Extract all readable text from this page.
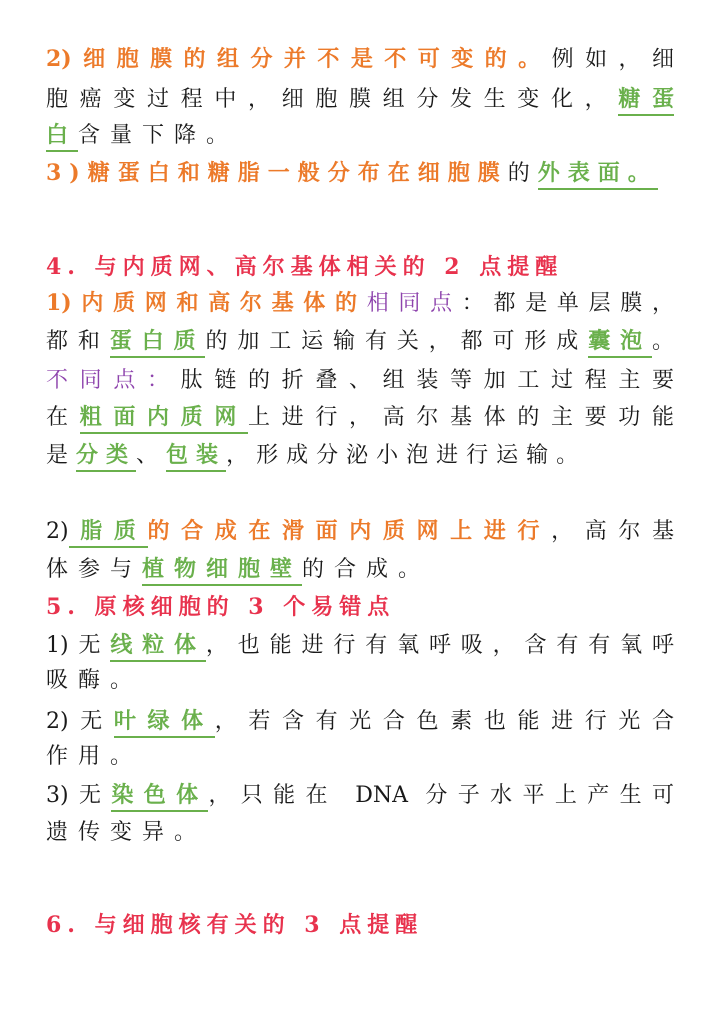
2)细胞膜的组分并不是不可变的。例如，细
胞癌变过程中，细胞膜组分发生变化，糖蛋
白含量下降。
3)糖蛋白和糖脂一般分布在细胞膜的外表面。
4. 与内质网、高尔基体相关的 2 点提醒
1)内质网和高尔基体的相同点：都是单层膜，
都和蛋白质的加工运输有关，都可形成囊泡。
不同点：肽链的折叠、组装等加工过程主要
在粗面内质网上进行，高尔基体的主要功能
是分类、包装，形成分泌小泡进行运输。
2)脂质的合成在滑面内质网上进行，高尔基
体参与植物细胞壁的合成。
5. 原核细胞的 3 个易错点
1)无线粒体，也能进行有氧呼吸，含有有氧呼
吸酶。
2)无叶绿体，若含有光合色素也能进行光合
作用。
3)无染色体，只能在 DNA 分子水平上产生可
遗传变异。
6. 与细胞核有关的 3 点提醒
